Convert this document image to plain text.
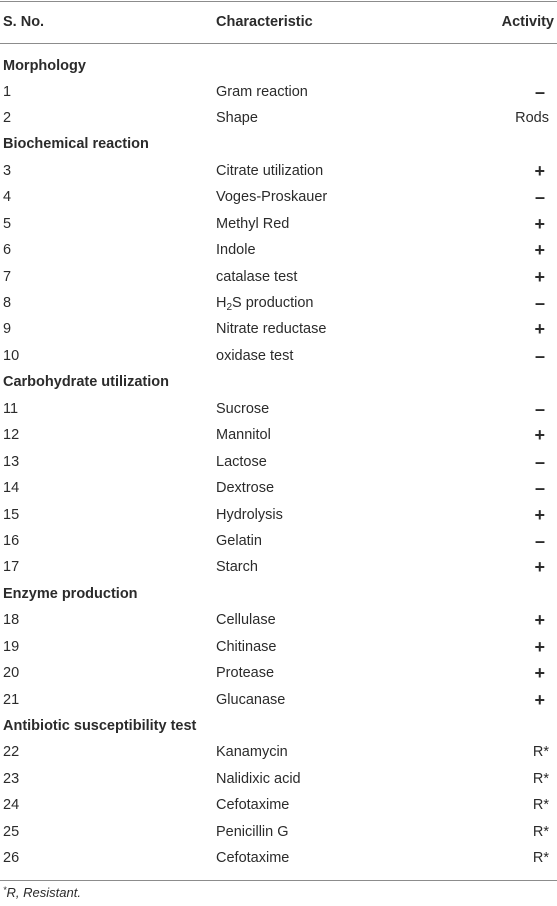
S. No.	Characteristic	Activity
Morphology
1	Gram reaction	–
2	Shape	Rods
Biochemical reaction
3	Citrate utilization	+
4	Voges-Proskauer	–
5	Methyl Red	+
6	Indole	+
7	catalase test	+
8	$H_2S$ production	–
9	Nitrate reductase	+
10	oxidase test	–
Carbohydrate utilization
11	Sucrose	–
12	Mannitol	+
13	Lactose	–
14	Dextrose	–
15	Hydrolysis	+
16	Gelatin	–
17	Starch	+
Enzyme production
18	Cellulase	+
19	Chitinase	+
20	Protease	+
21	Glucanase	+
Antibiotic susceptibility test
22	Kanamycin	R*
23	Nalidixic acid	R*
24	Cefotaxime	R*
25	Penicillin G	R*
26	Cefotaxime	R*
*R, Resistant.
